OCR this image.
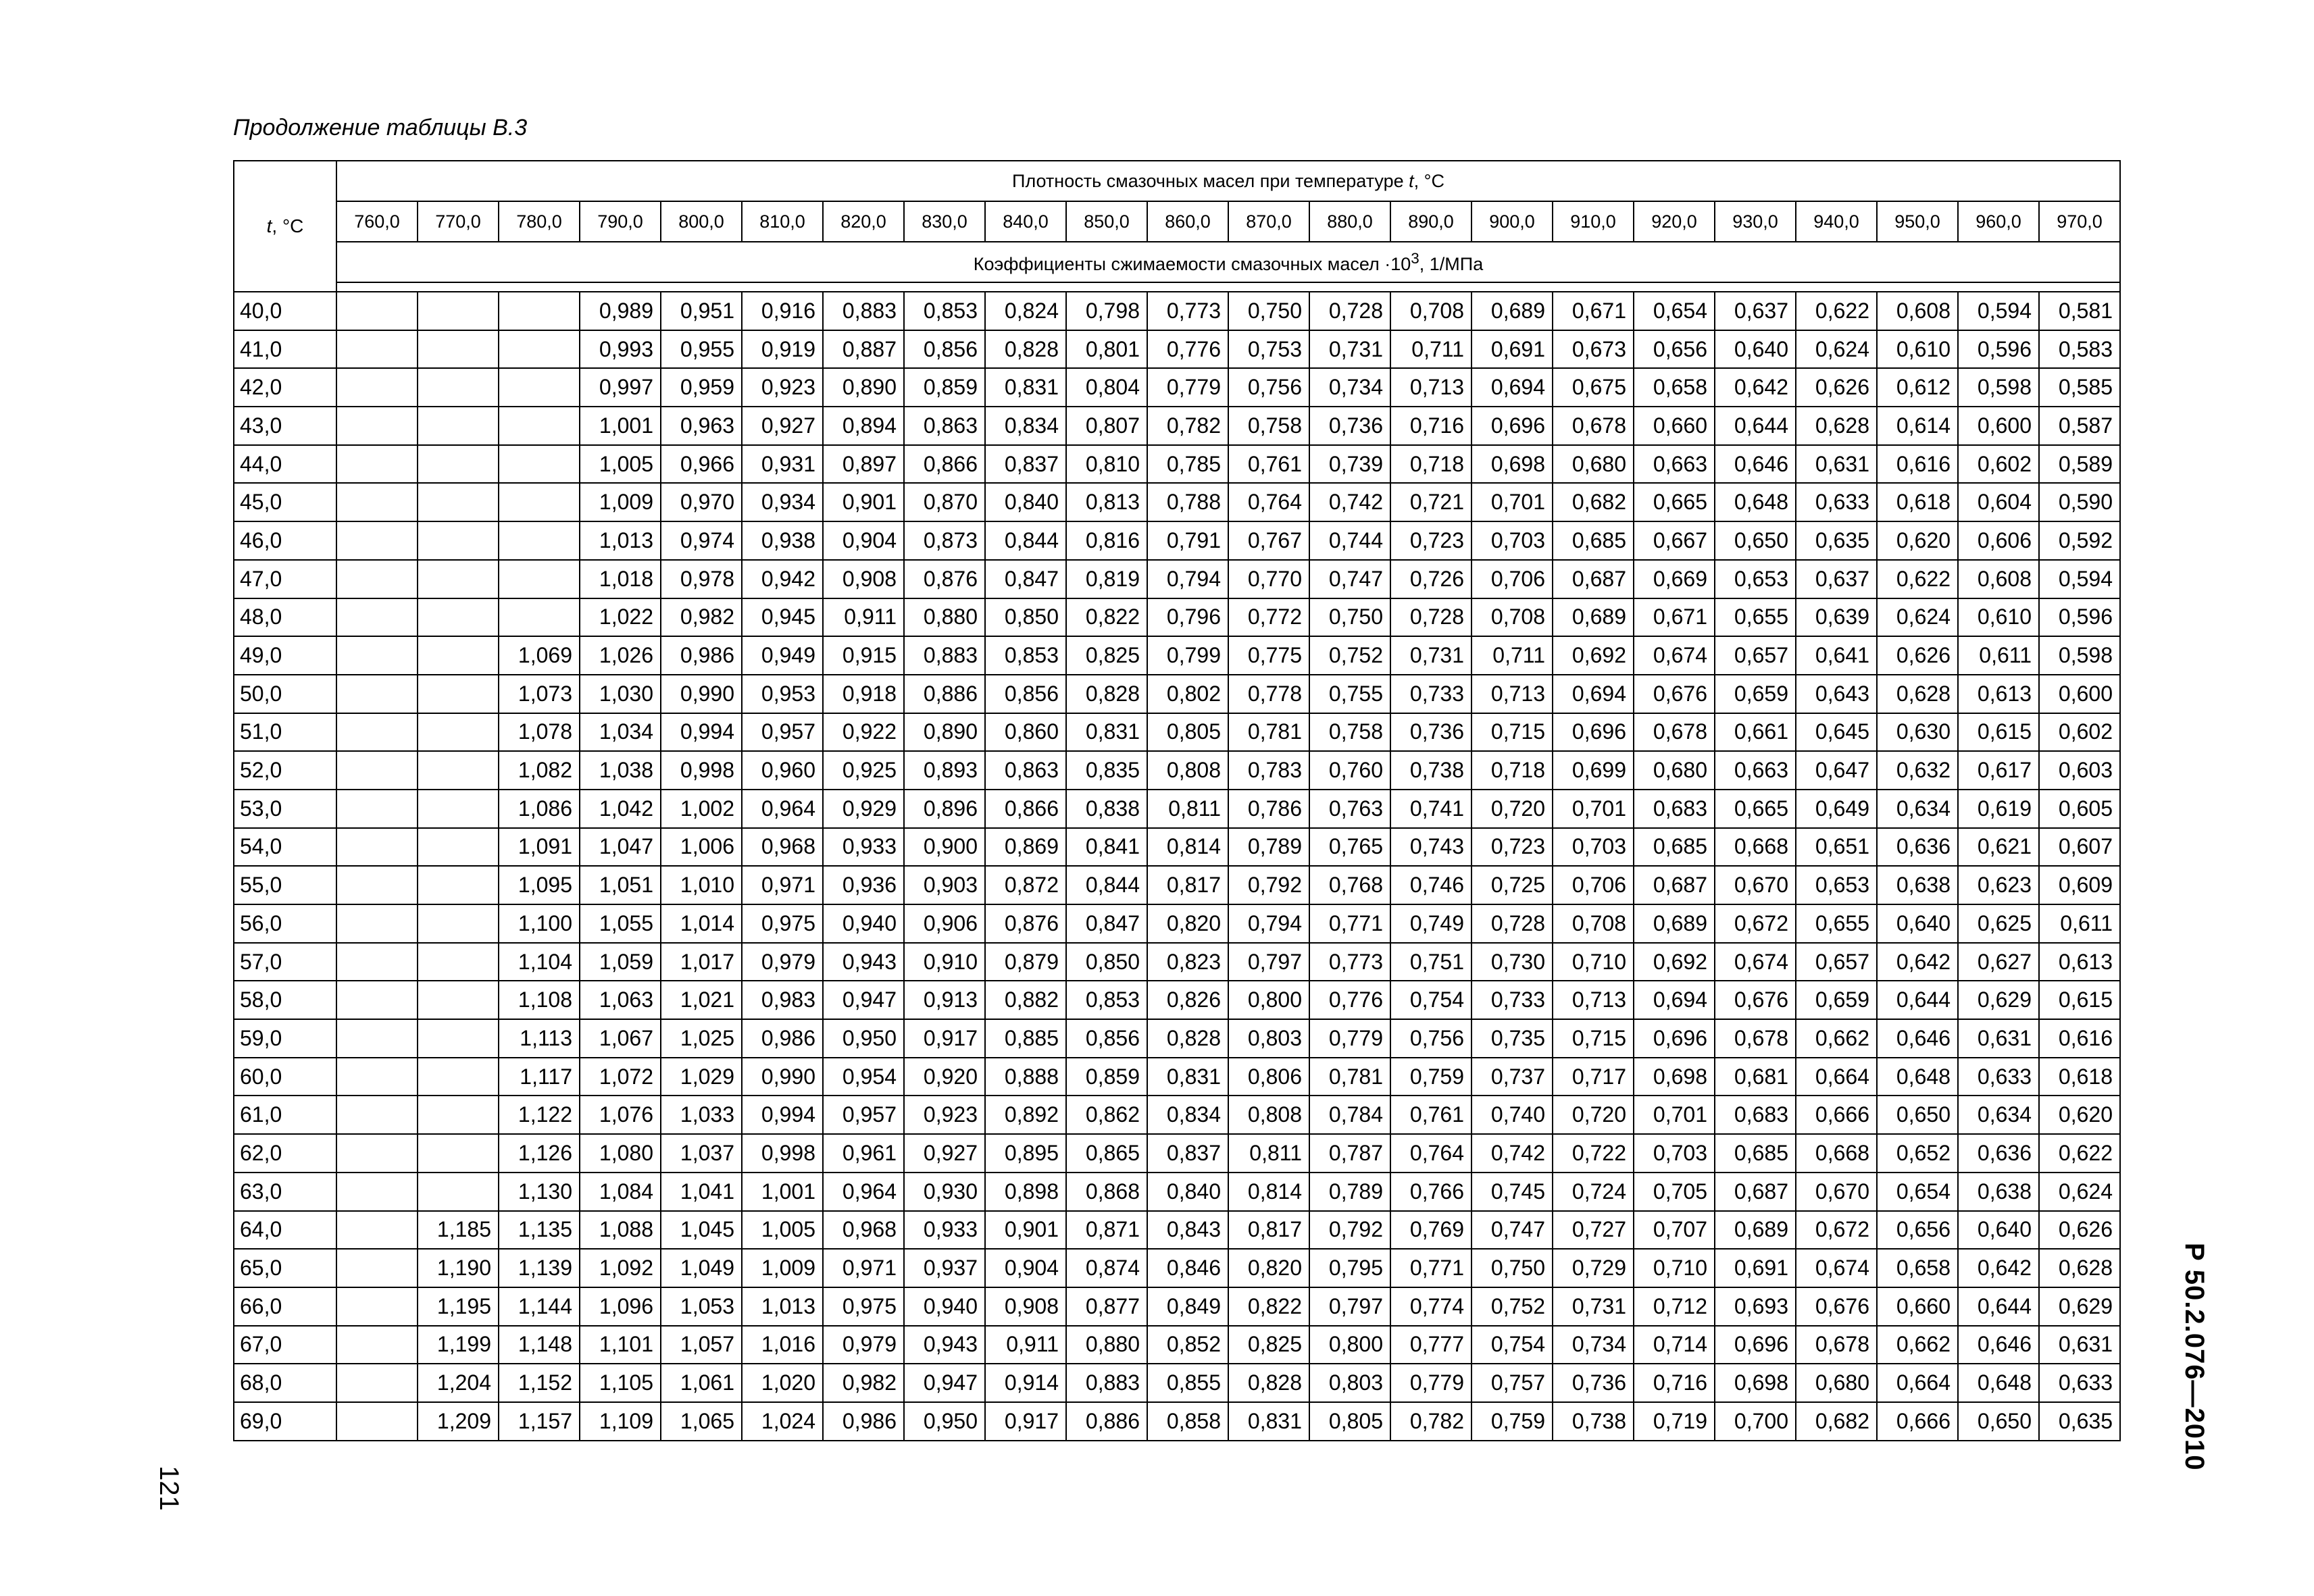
Продолжение таблицы В.3
t, °C	Плотность смазочных масел при температуре t, °C																					
	760,0	770,0	780,0	790,0	800,0	810,0	820,0	830,0	840,0	850,0	860,0	870,0	880,0	890,0	900,0	910,0	920,0	930,0	940,0	950,0	960,0	970,0
	Коэффициенты сжимаемости смазочных масел $\cdot 10^3$, 1/МПа																					

40,0				0,989	0,951	0,916	0,883	0,853	0,824	0,798	0,773	0,750	0,728	0,708	0,689	0,671	0,654	0,637	0,622	0,608	0,594	0,581
41,0				0,993	0,955	0,919	0,887	0,856	0,828	0,801	0,776	0,753	0,731	0,711	0,691	0,673	0,656	0,640	0,624	0,610	0,596	0,583
42,0				0,997	0,959	0,923	0,890	0,859	0,831	0,804	0,779	0,756	0,734	0,713	0,694	0,675	0,658	0,642	0,626	0,612	0,598	0,585
43,0				1,001	0,963	0,927	0,894	0,863	0,834	0,807	0,782	0,758	0,736	0,716	0,696	0,678	0,660	0,644	0,628	0,614	0,600	0,587
44,0				1,005	0,966	0,931	0,897	0,866	0,837	0,810	0,785	0,761	0,739	0,718	0,698	0,680	0,663	0,646	0,631	0,616	0,602	0,589
45,0				1,009	0,970	0,934	0,901	0,870	0,840	0,813	0,788	0,764	0,742	0,721	0,701	0,682	0,665	0,648	0,633	0,618	0,604	0,590
46,0				1,013	0,974	0,938	0,904	0,873	0,844	0,816	0,791	0,767	0,744	0,723	0,703	0,685	0,667	0,650	0,635	0,620	0,606	0,592
47,0				1,018	0,978	0,942	0,908	0,876	0,847	0,819	0,794	0,770	0,747	0,726	0,706	0,687	0,669	0,653	0,637	0,622	0,608	0,594
48,0				1,022	0,982	0,945	0,911	0,880	0,850	0,822	0,796	0,772	0,750	0,728	0,708	0,689	0,671	0,655	0,639	0,624	0,610	0,596
49,0			1,069	1,026	0,986	0,949	0,915	0,883	0,853	0,825	0,799	0,775	0,752	0,731	0,711	0,692	0,674	0,657	0,641	0,626	0,611	0,598
50,0			1,073	1,030	0,990	0,953	0,918	0,886	0,856	0,828	0,802	0,778	0,755	0,733	0,713	0,694	0,676	0,659	0,643	0,628	0,613	0,600
51,0			1,078	1,034	0,994	0,957	0,922	0,890	0,860	0,831	0,805	0,781	0,758	0,736	0,715	0,696	0,678	0,661	0,645	0,630	0,615	0,602
52,0			1,082	1,038	0,998	0,960	0,925	0,893	0,863	0,835	0,808	0,783	0,760	0,738	0,718	0,699	0,680	0,663	0,647	0,632	0,617	0,603
53,0			1,086	1,042	1,002	0,964	0,929	0,896	0,866	0,838	0,811	0,786	0,763	0,741	0,720	0,701	0,683	0,665	0,649	0,634	0,619	0,605
54,0			1,091	1,047	1,006	0,968	0,933	0,900	0,869	0,841	0,814	0,789	0,765	0,743	0,723	0,703	0,685	0,668	0,651	0,636	0,621	0,607
55,0			1,095	1,051	1,010	0,971	0,936	0,903	0,872	0,844	0,817	0,792	0,768	0,746	0,725	0,706	0,687	0,670	0,653	0,638	0,623	0,609
56,0			1,100	1,055	1,014	0,975	0,940	0,906	0,876	0,847	0,820	0,794	0,771	0,749	0,728	0,708	0,689	0,672	0,655	0,640	0,625	0,611
57,0			1,104	1,059	1,017	0,979	0,943	0,910	0,879	0,850	0,823	0,797	0,773	0,751	0,730	0,710	0,692	0,674	0,657	0,642	0,627	0,613
58,0			1,108	1,063	1,021	0,983	0,947	0,913	0,882	0,853	0,826	0,800	0,776	0,754	0,733	0,713	0,694	0,676	0,659	0,644	0,629	0,615
59,0			1,113	1,067	1,025	0,986	0,950	0,917	0,885	0,856	0,828	0,803	0,779	0,756	0,735	0,715	0,696	0,678	0,662	0,646	0,631	0,616
60,0			1,117	1,072	1,029	0,990	0,954	0,920	0,888	0,859	0,831	0,806	0,781	0,759	0,737	0,717	0,698	0,681	0,664	0,648	0,633	0,618
61,0			1,122	1,076	1,033	0,994	0,957	0,923	0,892	0,862	0,834	0,808	0,784	0,761	0,740	0,720	0,701	0,683	0,666	0,650	0,634	0,620
62,0			1,126	1,080	1,037	0,998	0,961	0,927	0,895	0,865	0,837	0,811	0,787	0,764	0,742	0,722	0,703	0,685	0,668	0,652	0,636	0,622
63,0			1,130	1,084	1,041	1,001	0,964	0,930	0,898	0,868	0,840	0,814	0,789	0,766	0,745	0,724	0,705	0,687	0,670	0,654	0,638	0,624
64,0		1,185	1,135	1,088	1,045	1,005	0,968	0,933	0,901	0,871	0,843	0,817	0,792	0,769	0,747	0,727	0,707	0,689	0,672	0,656	0,640	0,626
65,0		1,190	1,139	1,092	1,049	1,009	0,971	0,937	0,904	0,874	0,846	0,820	0,795	0,771	0,750	0,729	0,710	0,691	0,674	0,658	0,642	0,628
66,0		1,195	1,144	1,096	1,053	1,013	0,975	0,940	0,908	0,877	0,849	0,822	0,797	0,774	0,752	0,731	0,712	0,693	0,676	0,660	0,644	0,629
67,0		1,199	1,148	1,101	1,057	1,016	0,979	0,943	0,911	0,880	0,852	0,825	0,800	0,777	0,754	0,734	0,714	0,696	0,678	0,662	0,646	0,631
68,0		1,204	1,152	1,105	1,061	1,020	0,982	0,947	0,914	0,883	0,855	0,828	0,803	0,779	0,757	0,736	0,716	0,698	0,680	0,664	0,648	0,633
69,0		1,209	1,157	1,109	1,065	1,024	0,986	0,950	0,917	0,886	0,858	0,831	0,805	0,782	0,759	0,738	0,719	0,700	0,682	0,666	0,650	0,635
121
Р 50.2.076—2010
